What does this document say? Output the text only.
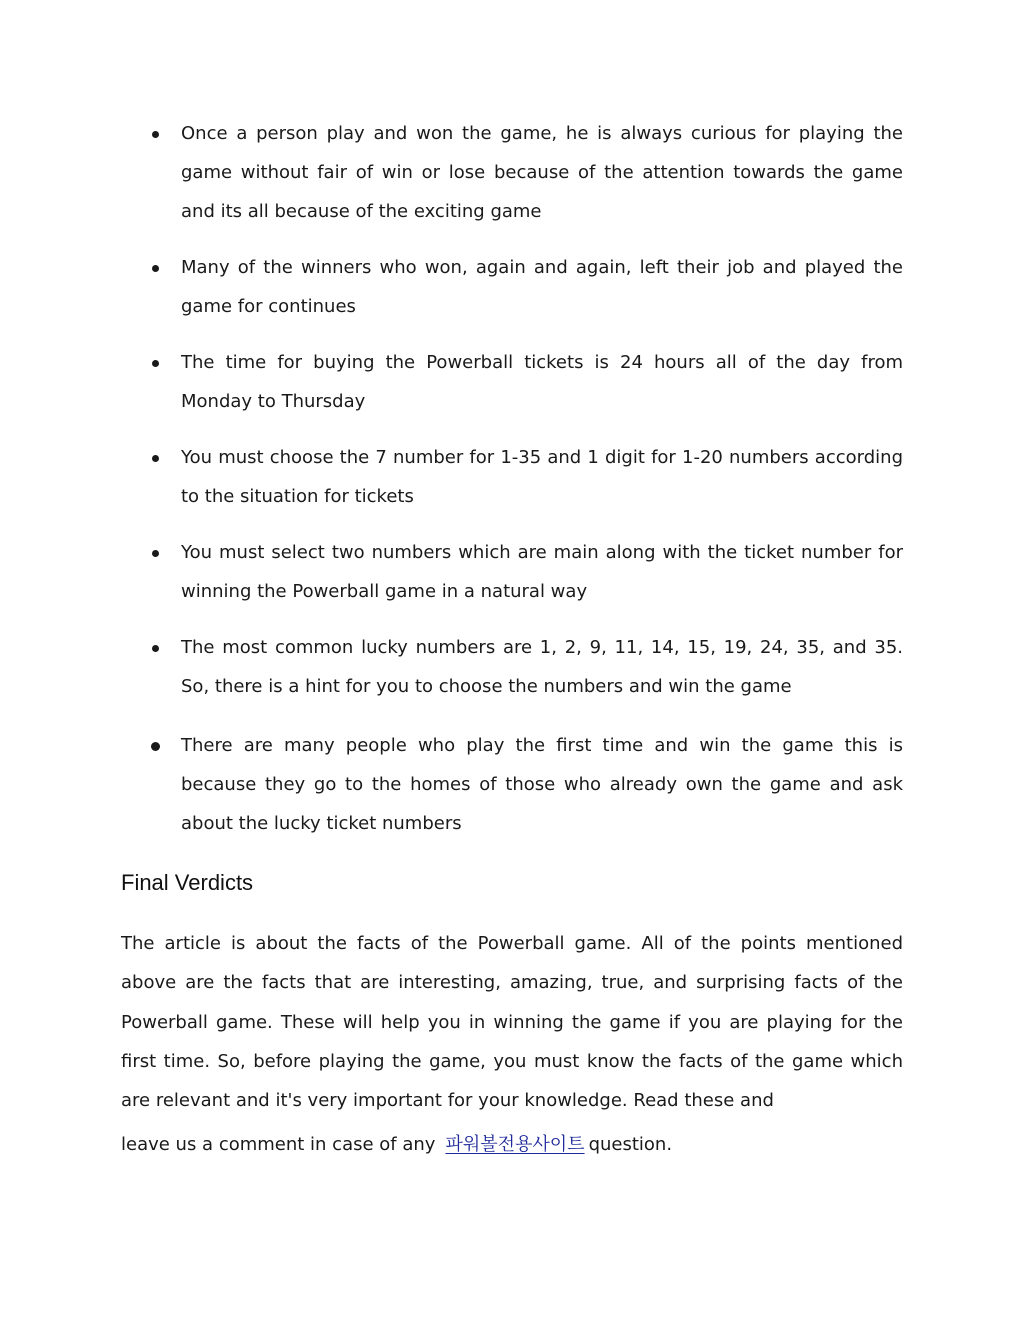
Once a person play and won the game, he is always curious for playing the game without fair of win or lose because of the attention towards the game and its all because of the exciting game
Many of the winners who won, again and again, left their job and played the game for continues
The time for buying the Powerball tickets is 24 hours all of the day from Monday to Thursday
You must choose the 7 number for 1-35 and 1 digit for 1-20 numbers according to the situation for tickets
You must select two numbers which are main along with the ticket number for winning the Powerball game in a natural way
The most common lucky numbers are 1, 2, 9, 11, 14, 15, 19, 24, 35, and 35. So, there is a hint for you to choose the numbers and win the game
There are many people who play the first time and win the game this is because they go to the homes of those who already own the game and ask about the lucky ticket numbers
Final Verdicts

The article is about the facts of the Powerball game. All of the points mentioned above are the facts that are interesting, amazing, true, and surprising facts of the Powerball game. These will help you in winning the game if you are playing for the first time. So, before playing the game, you must know the facts of the game which are relevant and it's very important for your knowledge. Read these and

leave us a comment in case of any 파워볼전용사이트 question.
